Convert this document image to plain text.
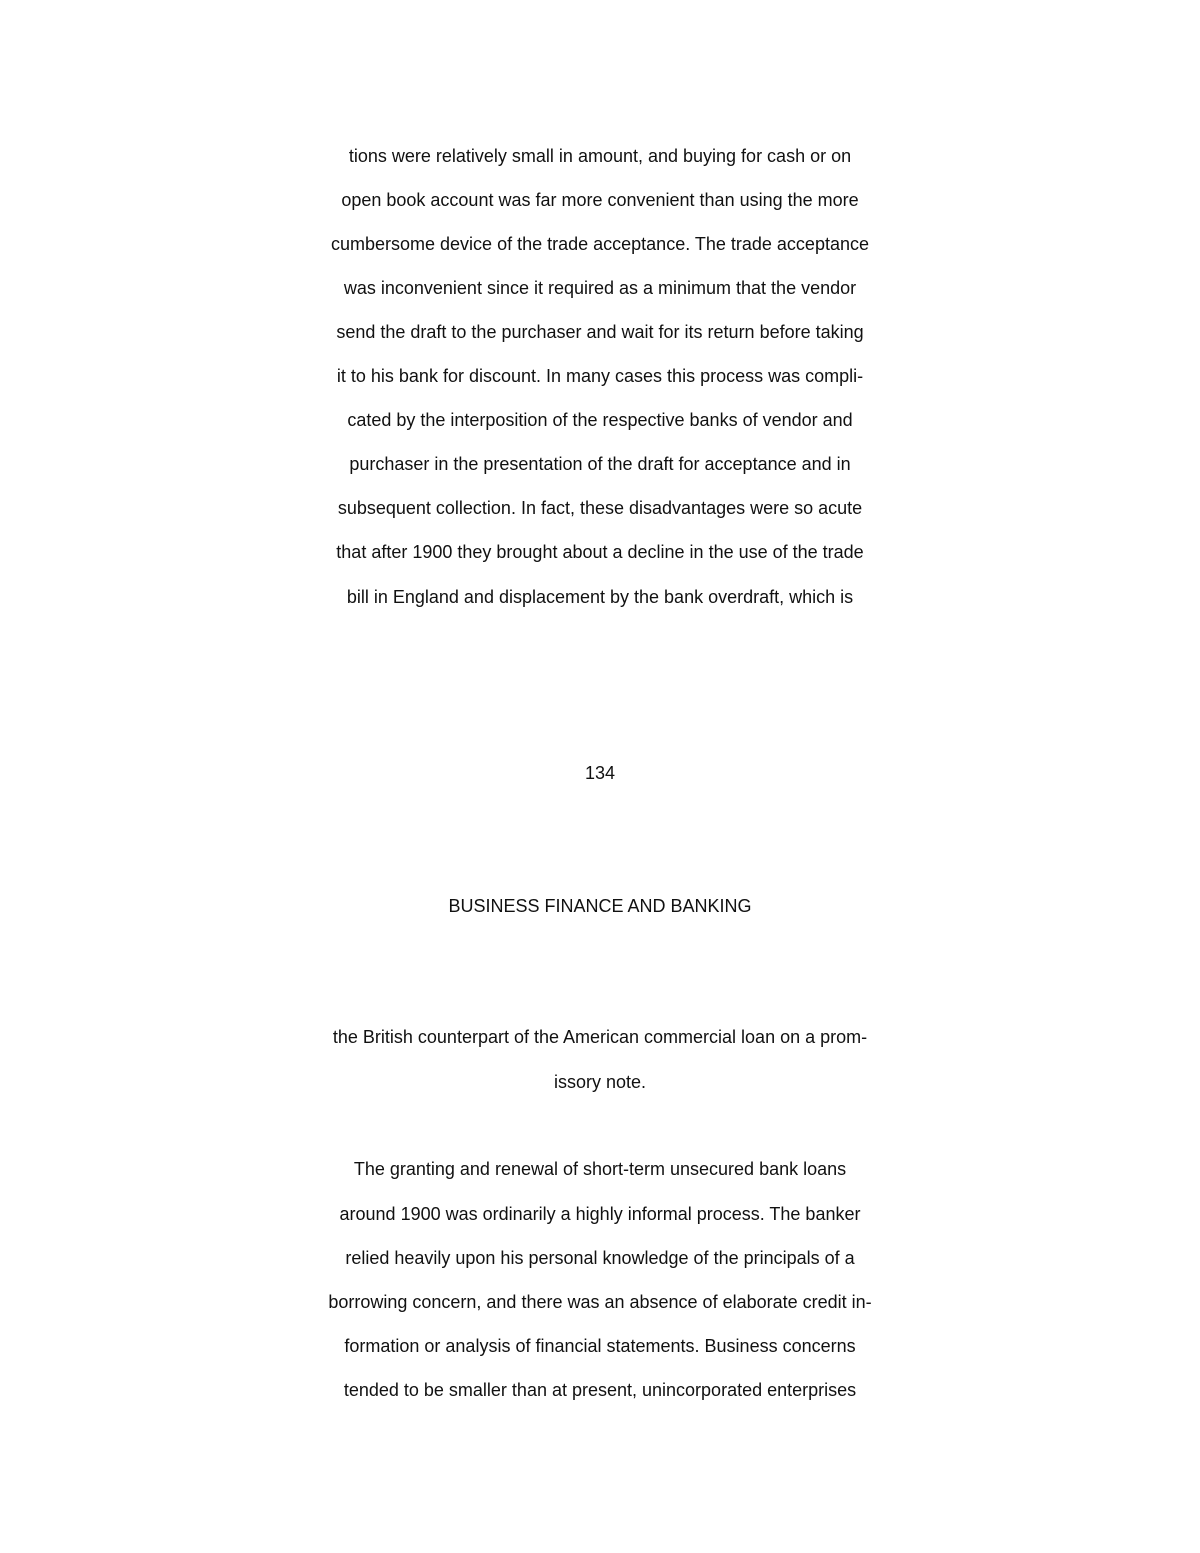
tions were relatively small in amount, and buying for cash or on
open book account was far more convenient than using the more
cumbersome device of the trade acceptance. The trade acceptance
was inconvenient since it required as a minimum that the vendor
send the draft to the purchaser and wait for its return before taking
it to his bank for discount. In many cases this process was compli-
cated by the interposition of the respective banks of vendor and
purchaser in the presentation of the draft for acceptance and in
subsequent collection. In fact, these disadvantages were so acute
that after 1900 they brought about a decline in the use of the trade
bill in England and displacement by the bank overdraft, which is
134
BUSINESS FINANCE AND BANKING
the British counterpart of the American commercial loan on a prom-
issory note.
The granting and renewal of short-term unsecured bank loans
around 1900 was ordinarily a highly informal process. The banker
relied heavily upon his personal knowledge of the principals of a
borrowing concern, and there was an absence of elaborate credit in-
formation or analysis of financial statements. Business concerns
tended to be smaller than at present, unincorporated enterprises
